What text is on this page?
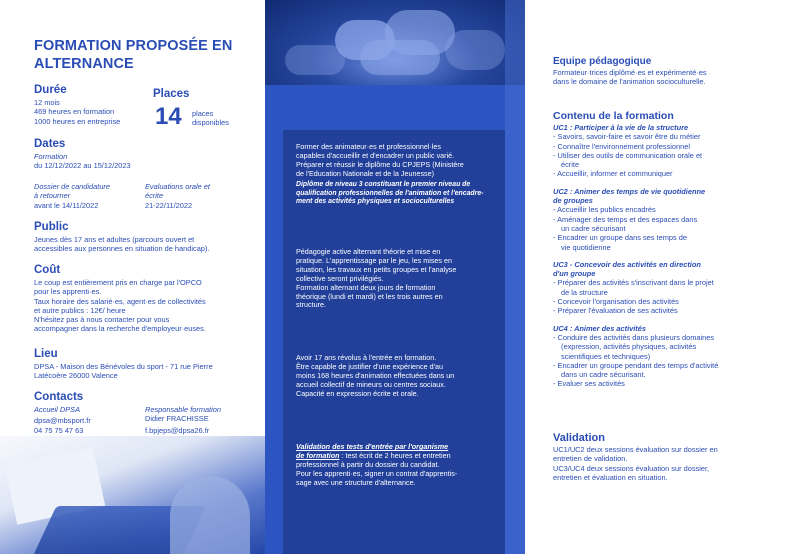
FORMATION PROPOSÉE EN
ALTERNANCE
Durée
12 mois
469 heures en formation
1000 heures en entreprise
Places
14 places
disponibles
Dates
Formation
du 12/12/2022 au 15/12/2023
Dossier de candidature
à retourner
avant le 14/11/2022
Evaluations orale et
écrite
21-22/11/2022
Public
Jeunes dès 17 ans et adultes (parcours ouvert et
accessibles aux personnes en situation de handicap).
Coût
Le coup est entièrement pris en charge par l'OPCO
pour les apprenti·es.
Taux horaire des salarié·es, agent·es de collectivités
et autre publics : 12€/ heure
N'hésitez pas à nous contacter pour vous
accompagner dans la recherche d'employeur·euses.
Lieu
DPSA - Maison des Bénévoles du sport - 71 rue Pierre
Latécoère 26000 Valence
Contacts
Accueil DPSA
dpsa@mbsport.fr
04 75 75 47 63
Responsable formation
Didier FRACHISSE
f.bpjeps@dpsa26.fr
Former des animateur·es et professionnel·les
capables d'accueillir et d'encadrer un public varié.
Préparer et réussir le diplôme du CPJEPS (Ministère
de l'Education Nationale et de la Jeunesse)
Diplôme de niveau 3 constituant le premier niveau de
qualification professionnelles de l'animation et l'encadre-
ment des activités physiques et socioculturelles
Pédagogie active alternant théorie et mise en
pratique. L'apprentissage par le jeu, les mises en
situation, les travaux en petits groupes et l'analyse
collective seront privilégiés.
Formation alternant deux jours de formation
théorique (lundi et mardi) et les trois autres en
structure.
Avoir 17 ans révolus à l'entrée en formation.
Être capable de justifier d'une expérience d'au
moins 168 heures d'animation effectuées dans un
accueil collectif de mineurs ou centres sociaux.
Capacité en expression écrite et orale.
Validation des tests d'entrée par l'organisme
de formation : test écrit de 2 heures et entretien
professionnel à partir du dossier du candidat.
Pour les apprenti·es, signer un contrat d'apprentis-
sage avec une structure d'alternance.
Equipe pédagogique
Formateur·trices diplômé·es et expérimenté·es
dans le domaine de l'animation socioculturelle.
Contenu de la formation
UC1 : Participer à la vie de la structure
- Savoirs, savoir-faire et savoir être du métier
- Connaître l'environnement professionnel
- Utiliser des outils de communication orale et
écrite
- Accueillir, informer et communiquer
UC2 : Animer des temps de vie quotidienne
de groupes
- Accueillir les publics encadrés
- Aménager des temps et des espaces dans
un cadre sécurisant
- Encadrer un groupe dans ses temps de
vie quotidienne
UC3 - Concevoir des activités en direction
d'un groupe
- Préparer des activités s'inscrivant dans le projet
de la structure
- Concevoir l'organisation des activités
- Préparer l'évaluation de ses activités
UC4 : Animer des activités
- Conduire des activités dans plusieurs domaines
(expression, activités physiques, activités
scientifiques et techniques)
- Encadrer un groupe pendant des temps d'activité
dans un cadre sécurisant.
- Evaluer ses activités
Validation
UC1/UC2 deux sessions évaluation sur dossier en
entretien de validation.
UC3/UC4 deux sessions évaluation sur dossier,
entretien et évaluation en situation.
